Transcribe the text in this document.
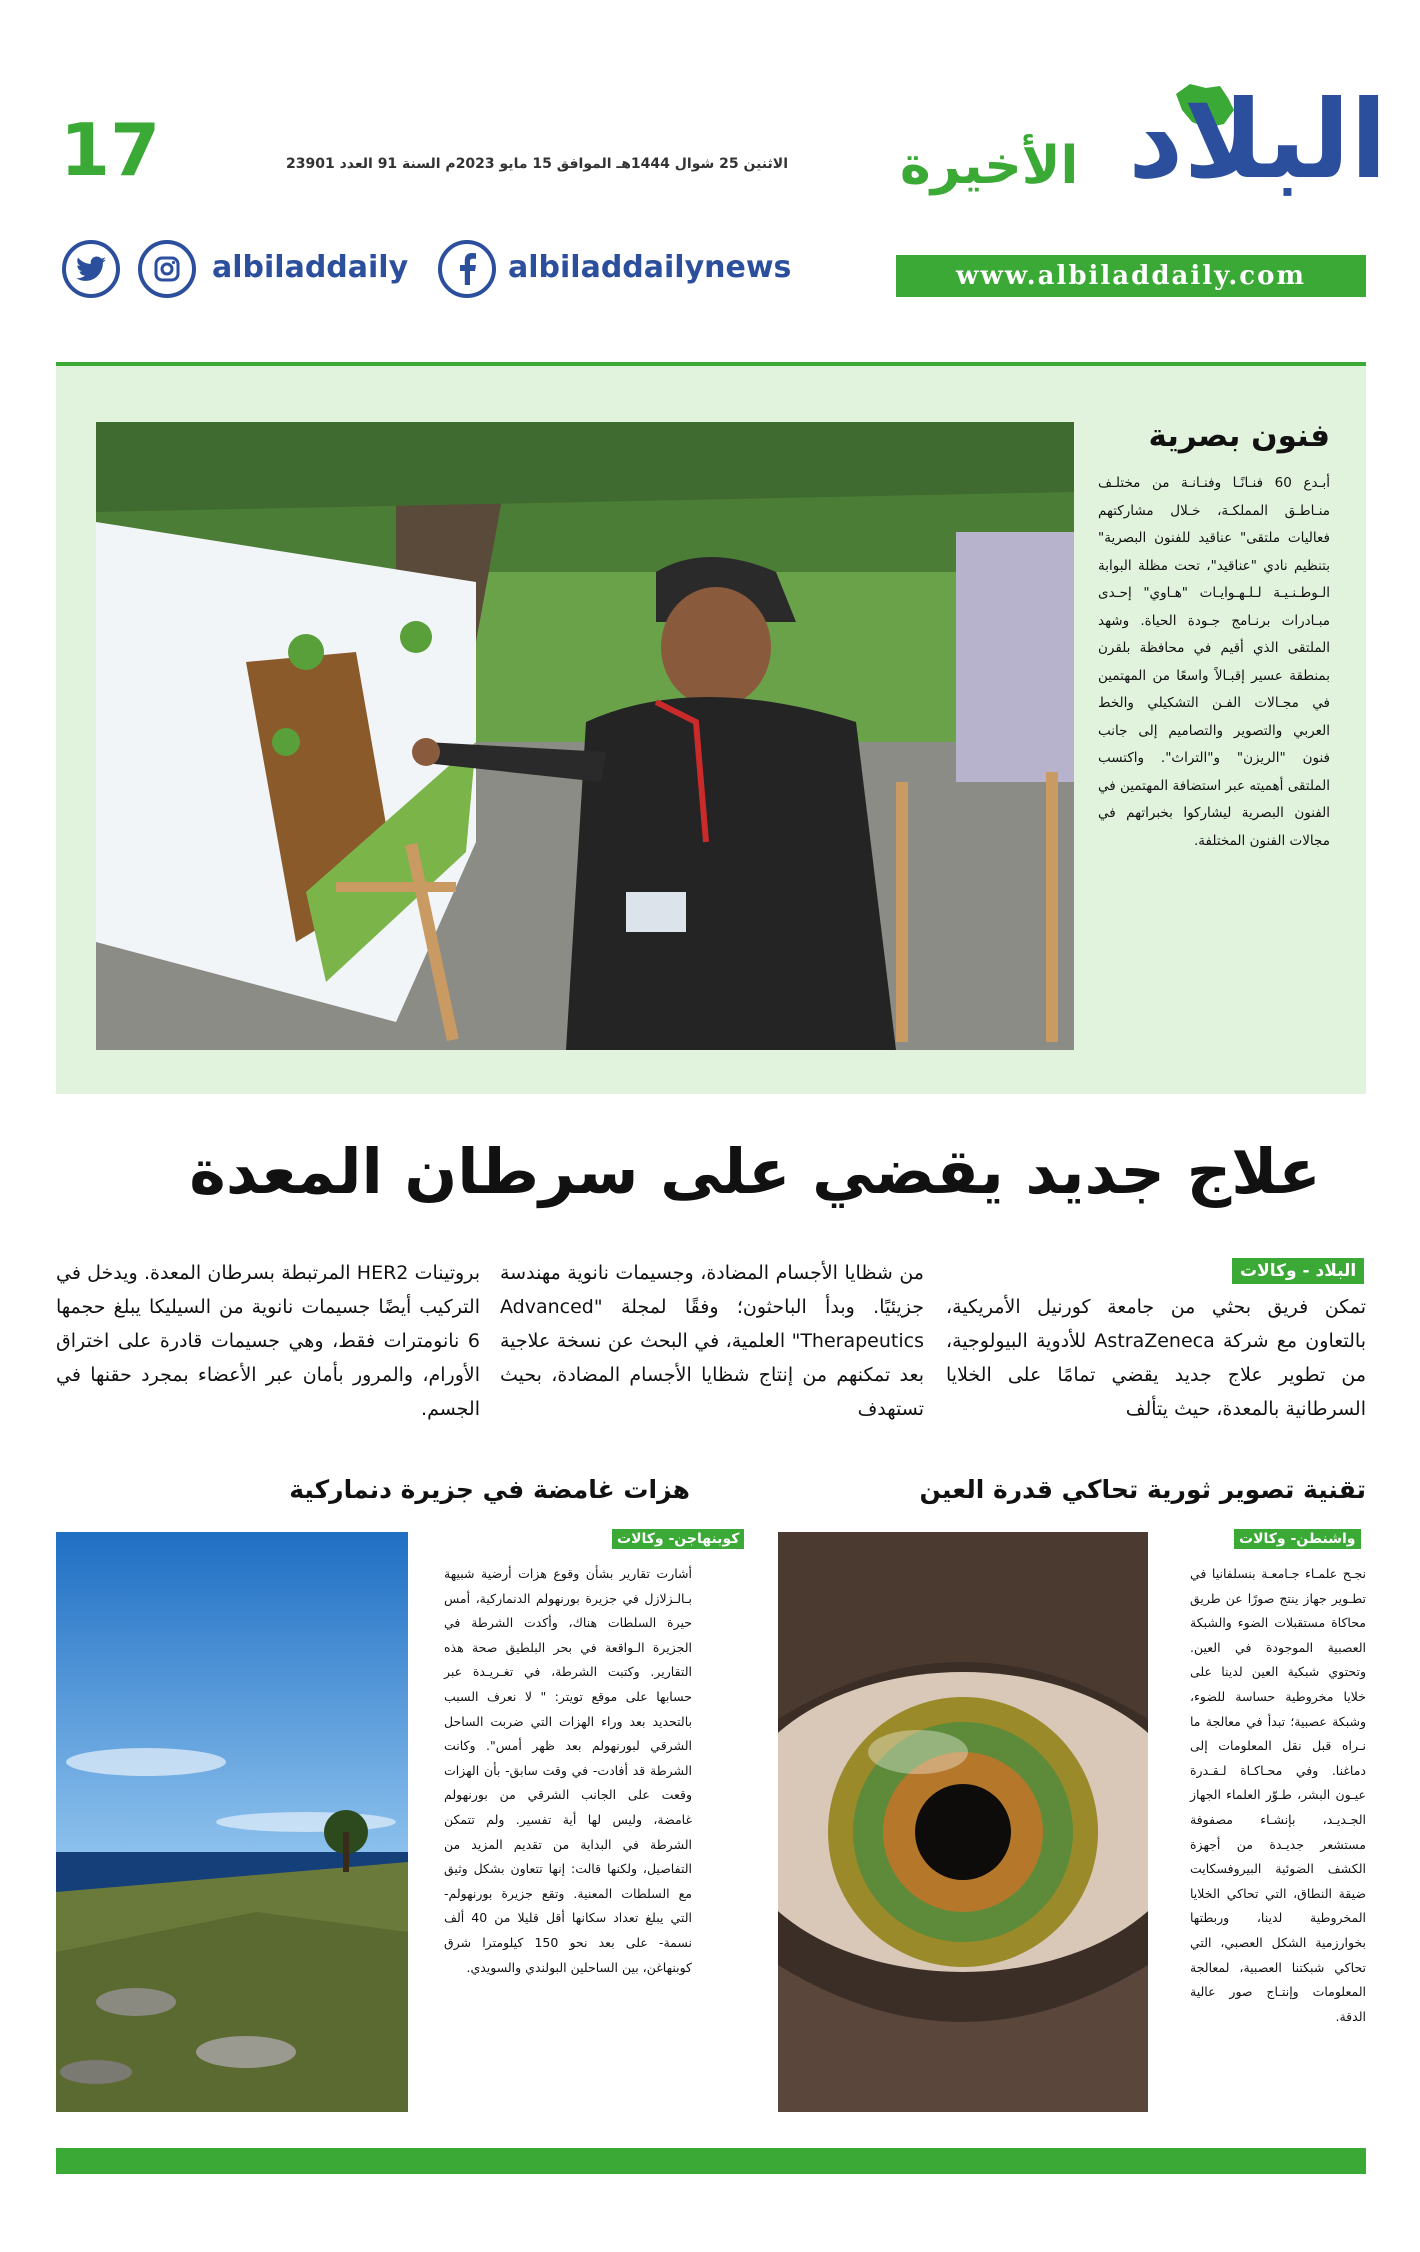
17	الاثنين 25 شوال 1444هـ الموافق 15 مايو 2023م السنة 91 العدد 23901	البلاد
الأخيرة
www.albiladdaily.com
albiladdaily	albiladdailynews
فنون بصرية
أبـدع 60 فنـانًـا وفنـانـة من مختلـف منـاطـق المملكـة، خـلال مشاركتهم فعاليات ملتقى" عناقيد للفنون البصرية" بتنظيم نادي "عناقيد"، تحت مظلة البوابة الـوطـنـيـة لـلـهـوايـات "هـاوي" إحـدى مبـادرات برنـامج جـودة الحياة. وشهد الملتقى الذي أقيم في محافظة بلقرن بمنطقة عسير إقبـالاً واسعًا من المهتمين في مجـالات الفـن التشكيلي والخط العربي والتصوير والتصاميم إلى جانب فنون "الريزن" و"التراث". واكتسب الملتقى أهميته عبر استضافة المهتمين في الفنون البصرية ليشاركوا بخبراتهم في مجالات الفنون المختلفة.
علاج جديد يقضي على سرطان المعدة
البلاد - وكالات
تمكن فريق بحثي من جامعة كورنيل الأمريكية، بالتعاون مع شركة AstraZeneca للأدوية البيولوجية، من تطوير علاج جديد يقضي تمامًا على الخلايا السرطانية بالمعدة، حيث يتألف
من شظايا الأجسام المضادة، وجسيمات نانوية مهندسة جزيئيًا. وبدأ الباحثون؛ وفقًا لمجلة "Advanced Therapeutics" العلمية، في البحث عن نسخة علاجية بعد تمكنهم من إنتاج شظايا الأجسام المضادة، بحيث تستهدف
بروتينات HER2 المرتبطة بسرطان المعدة. ويدخل في التركيب أيضًا جسيمات نانوية من السيليكا يبلغ حجمها 6 نانومترات فقط، وهي جسيمات قادرة على اختراق الأورام، والمرور بأمان عبر الأعضاء بمجرد حقنها في الجسم.
تقنية تصوير ثورية تحاكي قدرة العين
واشنطن- وكالات
نجـح علمـاء جـامعـة بنسلفانيا في تطـوير جهاز ينتج صورًا عن طريق محاكاة مستقبلات الضوء والشبكة العصبية الموجودة في العين. وتحتوي شبكية العين لدينا على خلايا مخروطية حساسة للضوء، وشبكة عصبية؛ تبدأ في معالجة ما نـراه قبل نقل المعلومات إلى دماغنا. وفي محـاكـاة لـقـدرة عيـون البشر، طـوّر العلماء الجهاز الجـديـد، بإنشـاء مصفوفة مستشعر جديـدة من أجهزة الكشف الضوئية البيروفسكايت ضيقة النطاق، التي تحاكي الخلايا المخروطية لدينا، وربطتها بخوارزمية الشكل العصبي، التي تحاكي شبكتنا العصبية، لمعالجة المعلومات وإنتـاج صور عالية الدقة.
هزات غامضة في جزيرة دنماركية
كوبنهاجن- وكالات
أشارت تقارير بشأن وقوع هزات أرضية شبيهة بـالـزلازل في جزيرة بورنهولم الدنماركية، أمس حيرة السلطات هناك، وأكدت الشرطة في الجزيرة الـواقعة في بحر البلطيق صحة هذه التقارير. وكتبت الشرطة، في تغـريـدة عبر حسابها على موقع تويتر: " لا نعرف السبب بالتحديد بعد وراء الهزات التي ضربت الساحل الشرقي لبورنهولم بعد ظهر أمس". وكانت الشرطة قد أفادت- في وقت سابق- بأن الهزات وقعت على الجانب الشرقي من بورنهولم غامضة، وليس لها أية تفسير. ولم تتمكن الشرطة في البداية من تقديم المزيد من التفاصيل، ولكنها قالت: إنها تتعاون بشكل وثيق مع السلطات المعنية. وتقع جزيرة بورنهولم- التي يبلغ تعداد سكانها أقل قليلا من 40 ألف نسمة- على بعد نحو 150 كيلومترا شرق كوبنهاغن، بين الساحلين البولندي والسويدي.
